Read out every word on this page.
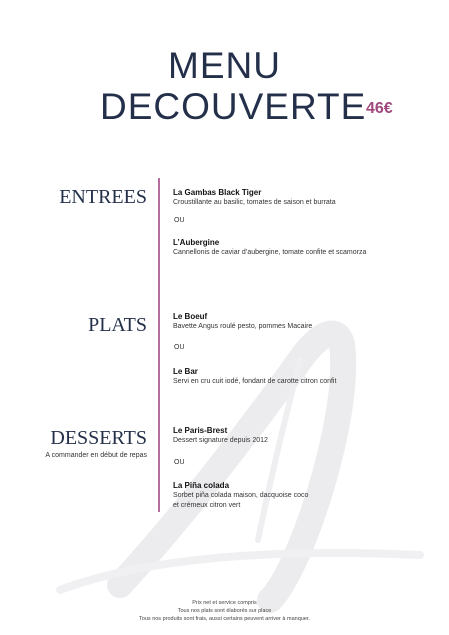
MENU
DECOUVERTE 46€
ENTREES	La Gambas Black Tiger
Croustillante au basilic, tomates de saison et burrata
OU
L’Aubergine
Cannellonis de caviar d’aubergine, tomate confite et scamorza
PLATS	Le Boeuf
Bavette Angus roulé pesto, pommes Macaire
OU
Le Bar
Servi en cru cuit iodé, fondant de carotte citron confit
DESSERTS
A commander en début de repas
Le Paris-Brest
Dessert signature depuis 2012
OU
La Piña colada
Sorbet piña colada maison, dacquoise coco
et crémeux citron vert
Prix net et service compris
Tous nos plats sont élaborés sur place
Tous nos produits sont frais, aussi certains peuvent arriver à manquer.
